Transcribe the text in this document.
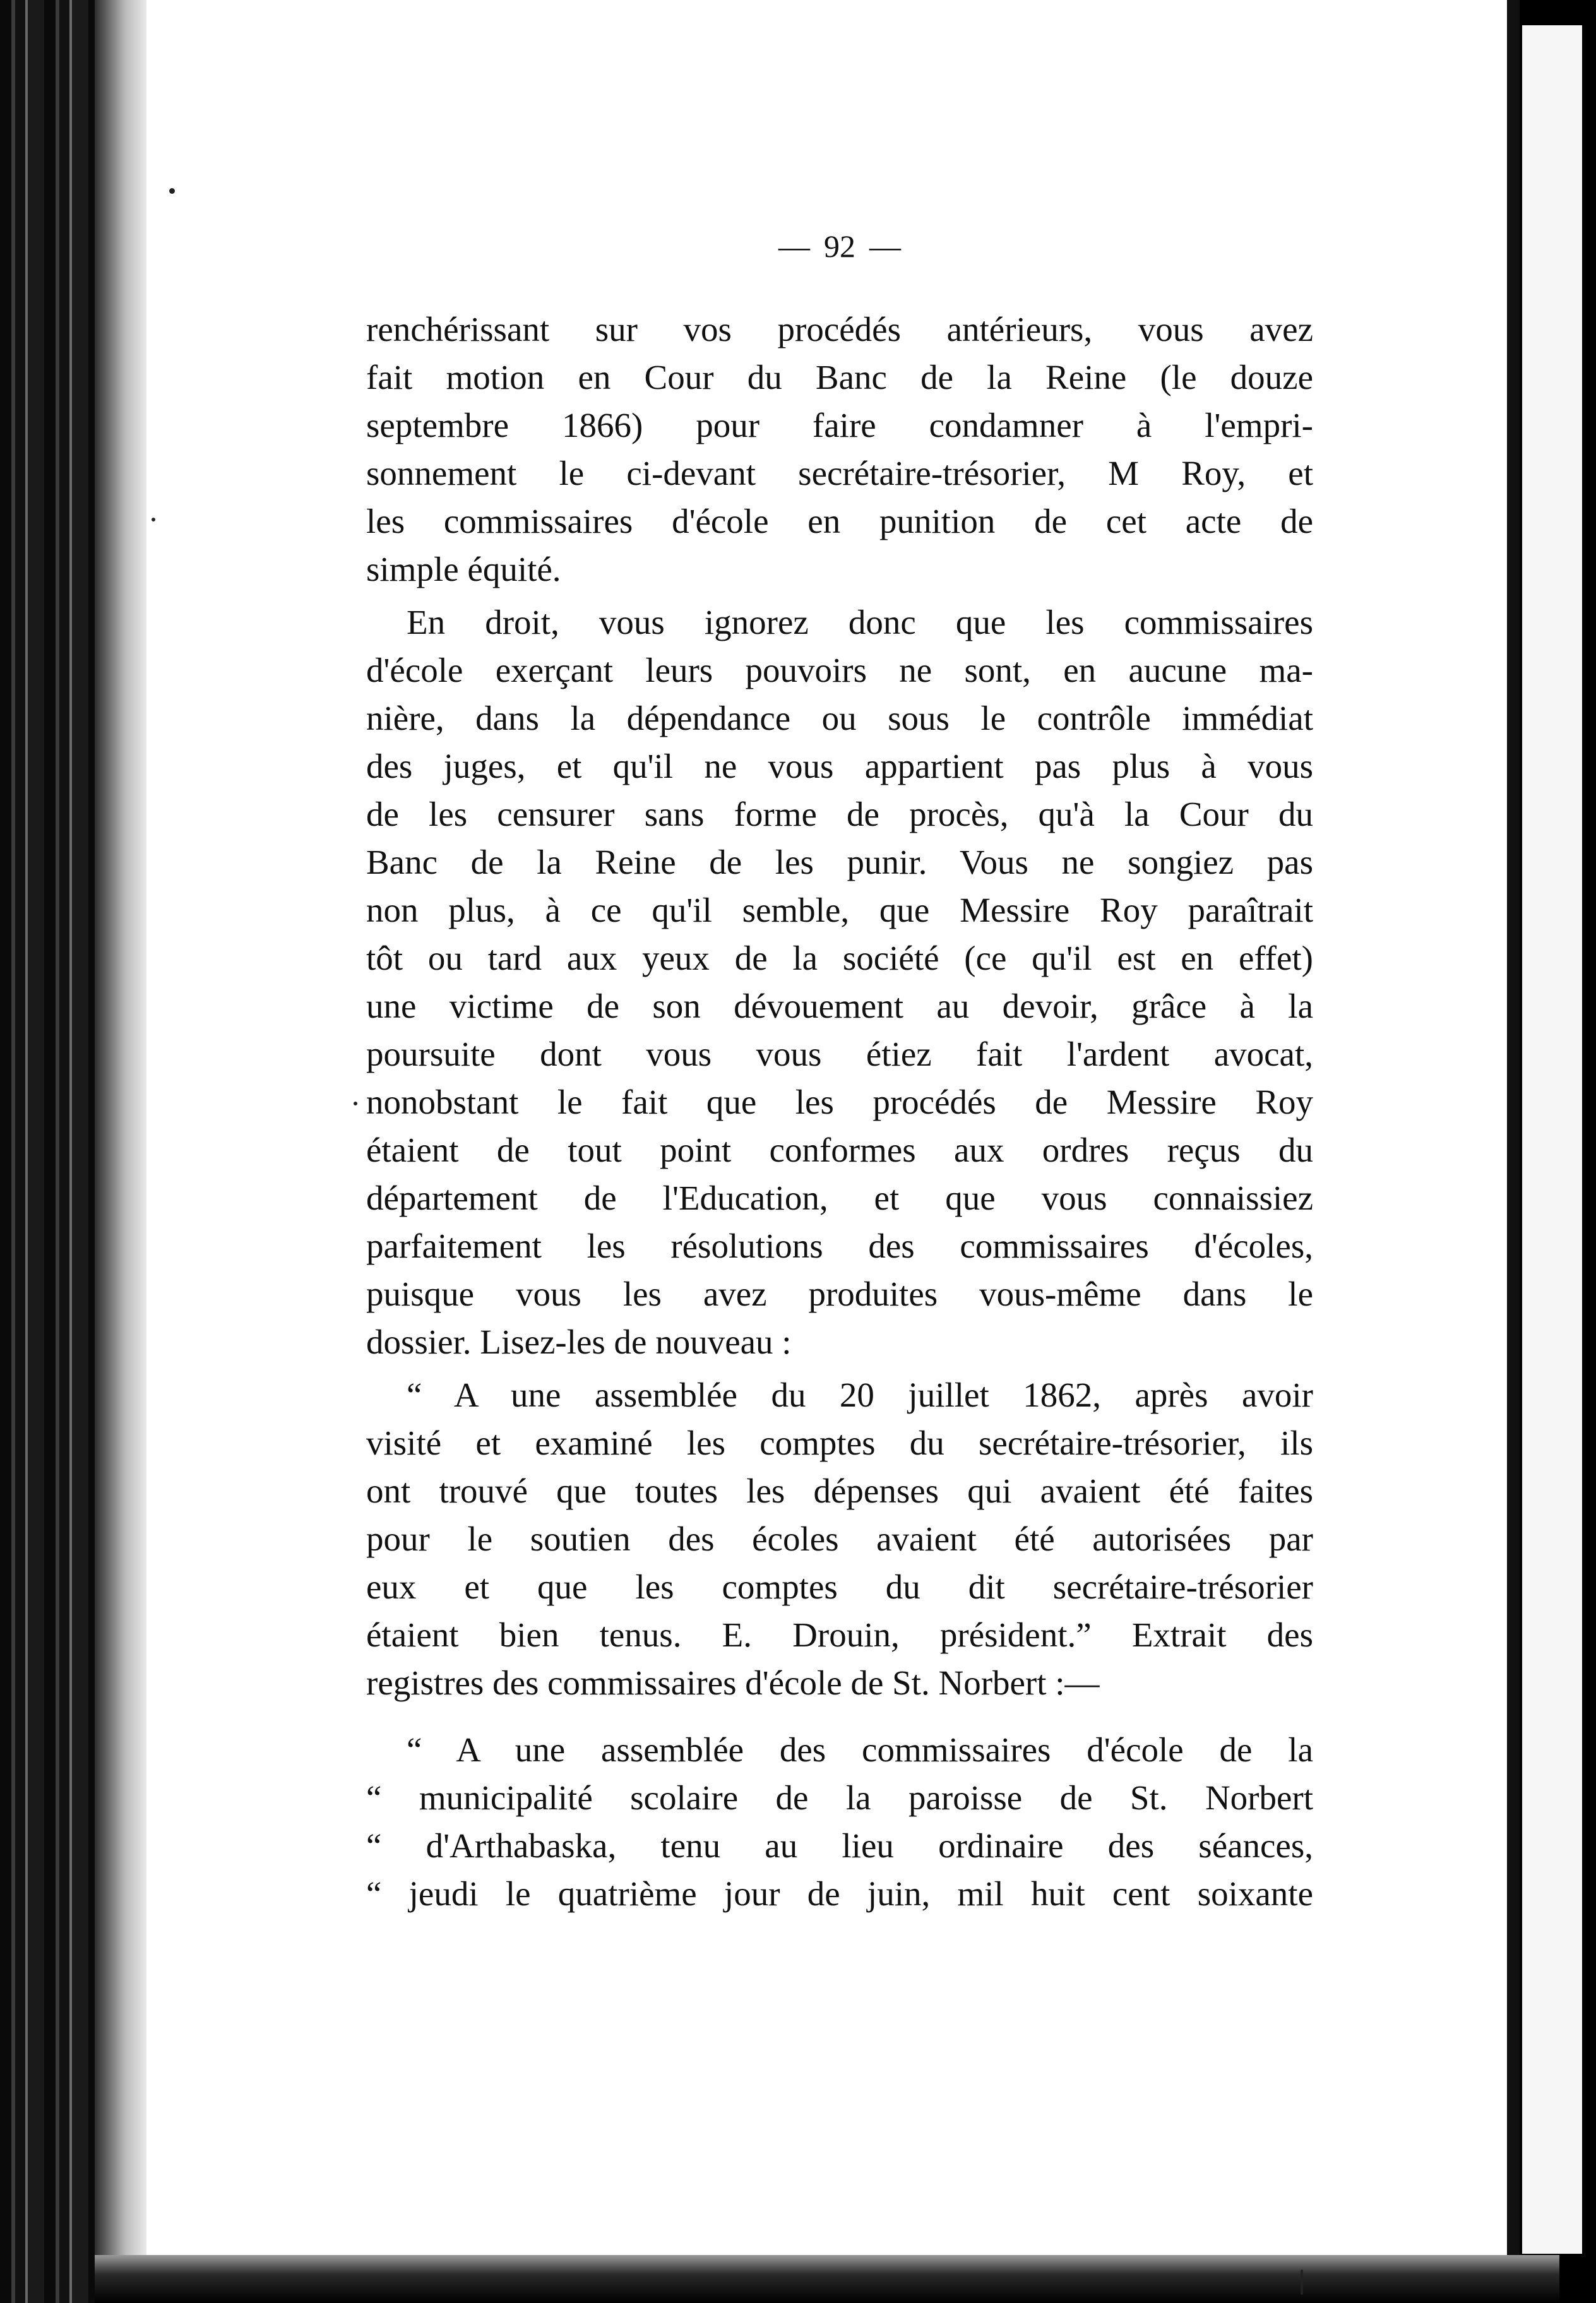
— 92 —
renchérissant sur vos procédés antérieurs, vous avez
fait motion en Cour du Banc de la Reine (le douze
septembre 1866) pour faire condamner à l'empri-
sonnement le ci-devant secrétaire-trésorier, M Roy, et
les commissaires d'école en punition de cet acte de
simple équité.
En droit, vous ignorez donc que les commissaires
d'école exerçant leurs pouvoirs ne sont, en aucune ma-
nière, dans la dépendance ou sous le contrôle immédiat
des juges, et qu'il ne vous appartient pas plus à vous
de les censurer sans forme de procès, qu'à la Cour du
Banc de la Reine de les punir. Vous ne songiez pas
non plus, à ce qu'il semble, que Messire Roy paraîtrait
tôt ou tard aux yeux de la société (ce qu'il est en effet)
une victime de son dévouement au devoir, grâce à la
poursuite dont vous vous étiez fait l'ardent avocat,
nonobstant le fait que les procédés de Messire Roy
étaient de tout point conformes aux ordres reçus du
département de l'Education, et que vous connaissiez
parfaitement les résolutions des commissaires d'écoles,
puisque vous les avez produites vous-même dans le
dossier. Lisez-les de nouveau :
“ A une assemblée du 20 juillet 1862, après avoir
visité et examiné les comptes du secrétaire-trésorier, ils
ont trouvé que toutes les dépenses qui avaient été faites
pour le soutien des écoles avaient été autorisées par
eux et que les comptes du dit secrétaire-trésorier
étaient bien tenus. E. Drouin, président.” Extrait des
registres des commissaires d'école de St. Norbert :—
“ A une assemblée des commissaires d'école de la
“ municipalité scolaire de la paroisse de St. Norbert
“ d'Arthabaska, tenu au lieu ordinaire des séances,
“ jeudi le quatrième jour de juin, mil huit cent soixante
